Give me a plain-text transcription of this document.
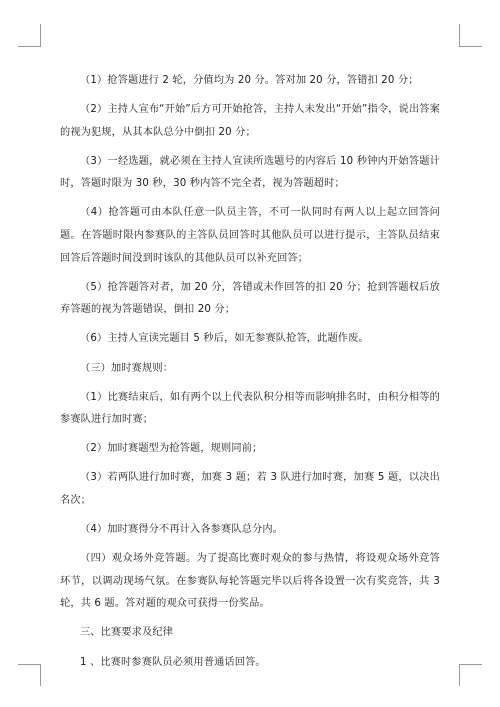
（1）抢答题进行 2 轮，分值均为 20 分。答对加 20 分，答错扣 20 分；

（2）主持人宣布“开始”后方可开始抢答，主持人未发出“开始”指令，说出答案的视为犯规，从其本队总分中倒扣 20 分；

（3）一经选题，就必须在主持人宣读所选题号的内容后 10 秒钟内开始答题计时，答题时限为 30 秒，30 秒内答不完全者，视为答题超时；

（4）抢答题可由本队任意一队员主答，不可一队同时有两人以上起立回答问题。在答题时限内参赛队的主答队员回答时其他队员可以进行提示，主答队员结束回答后答题时间没到时该队的其他队员可以补充回答；

（5）抢答题答对者，加 20 分，答错或未作回答的扣 20 分；抢到答题权后放弃答题的视为答题错误，倒扣 20 分；

（6）主持人宣读完题目 5 秒后，如无参赛队抢答，此题作废。

（三）加时赛规则：

（1）比赛结束后，如有两个以上代表队积分相等而影响排名时，由积分相等的参赛队进行加时赛；

（2）加时赛题型为抢答题，规则同前；

（3）若两队进行加时赛，加赛 3 题；若 3 队进行加时赛，加赛 5 题，以决出名次；

（4）加时赛得分不再计入各参赛队总分内。

（四）观众场外竞答题。为了提高比赛时观众的参与热情，将设观众场外竞答环节，以调动现场气氛。在参赛队每轮答题完毕以后将各设置一次有奖竞答，共 3 轮，共 6 题。答对题的观众可获得一份奖品。

三、比赛要求及纪律

1 、比赛时参赛队员必须用普通话回答。
